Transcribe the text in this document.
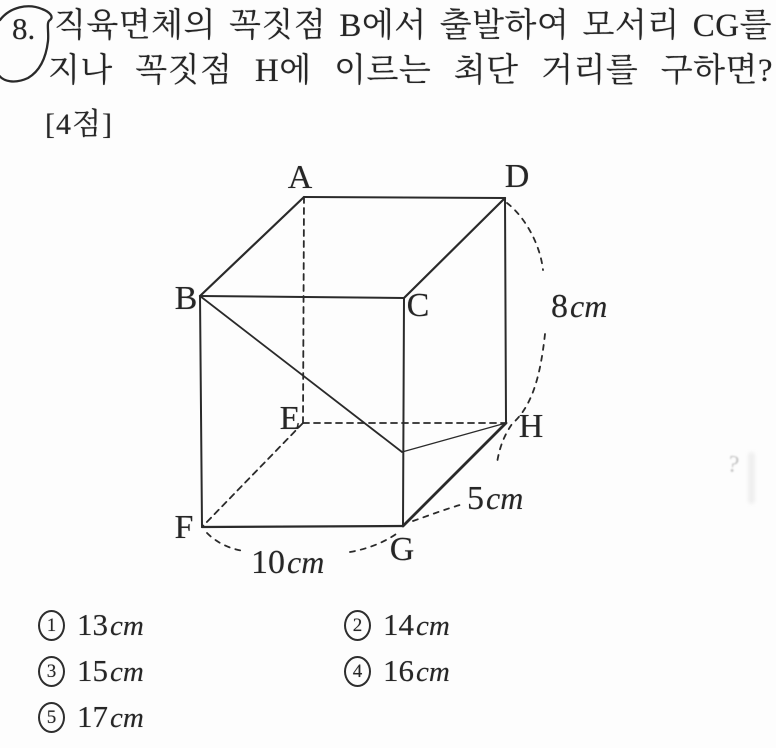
8. 직육면체의 꼭짓점 B에서 출발하여 모서리 CG를
지나 꼭짓점 H에 이르는 최단 거리를 구하면?
[4점]
A	D
B	C
E	H
F
G
8cm
5cm
10cm
1 13cm	2 14cm
3 15cm	4 16cm
5 17cm
?
